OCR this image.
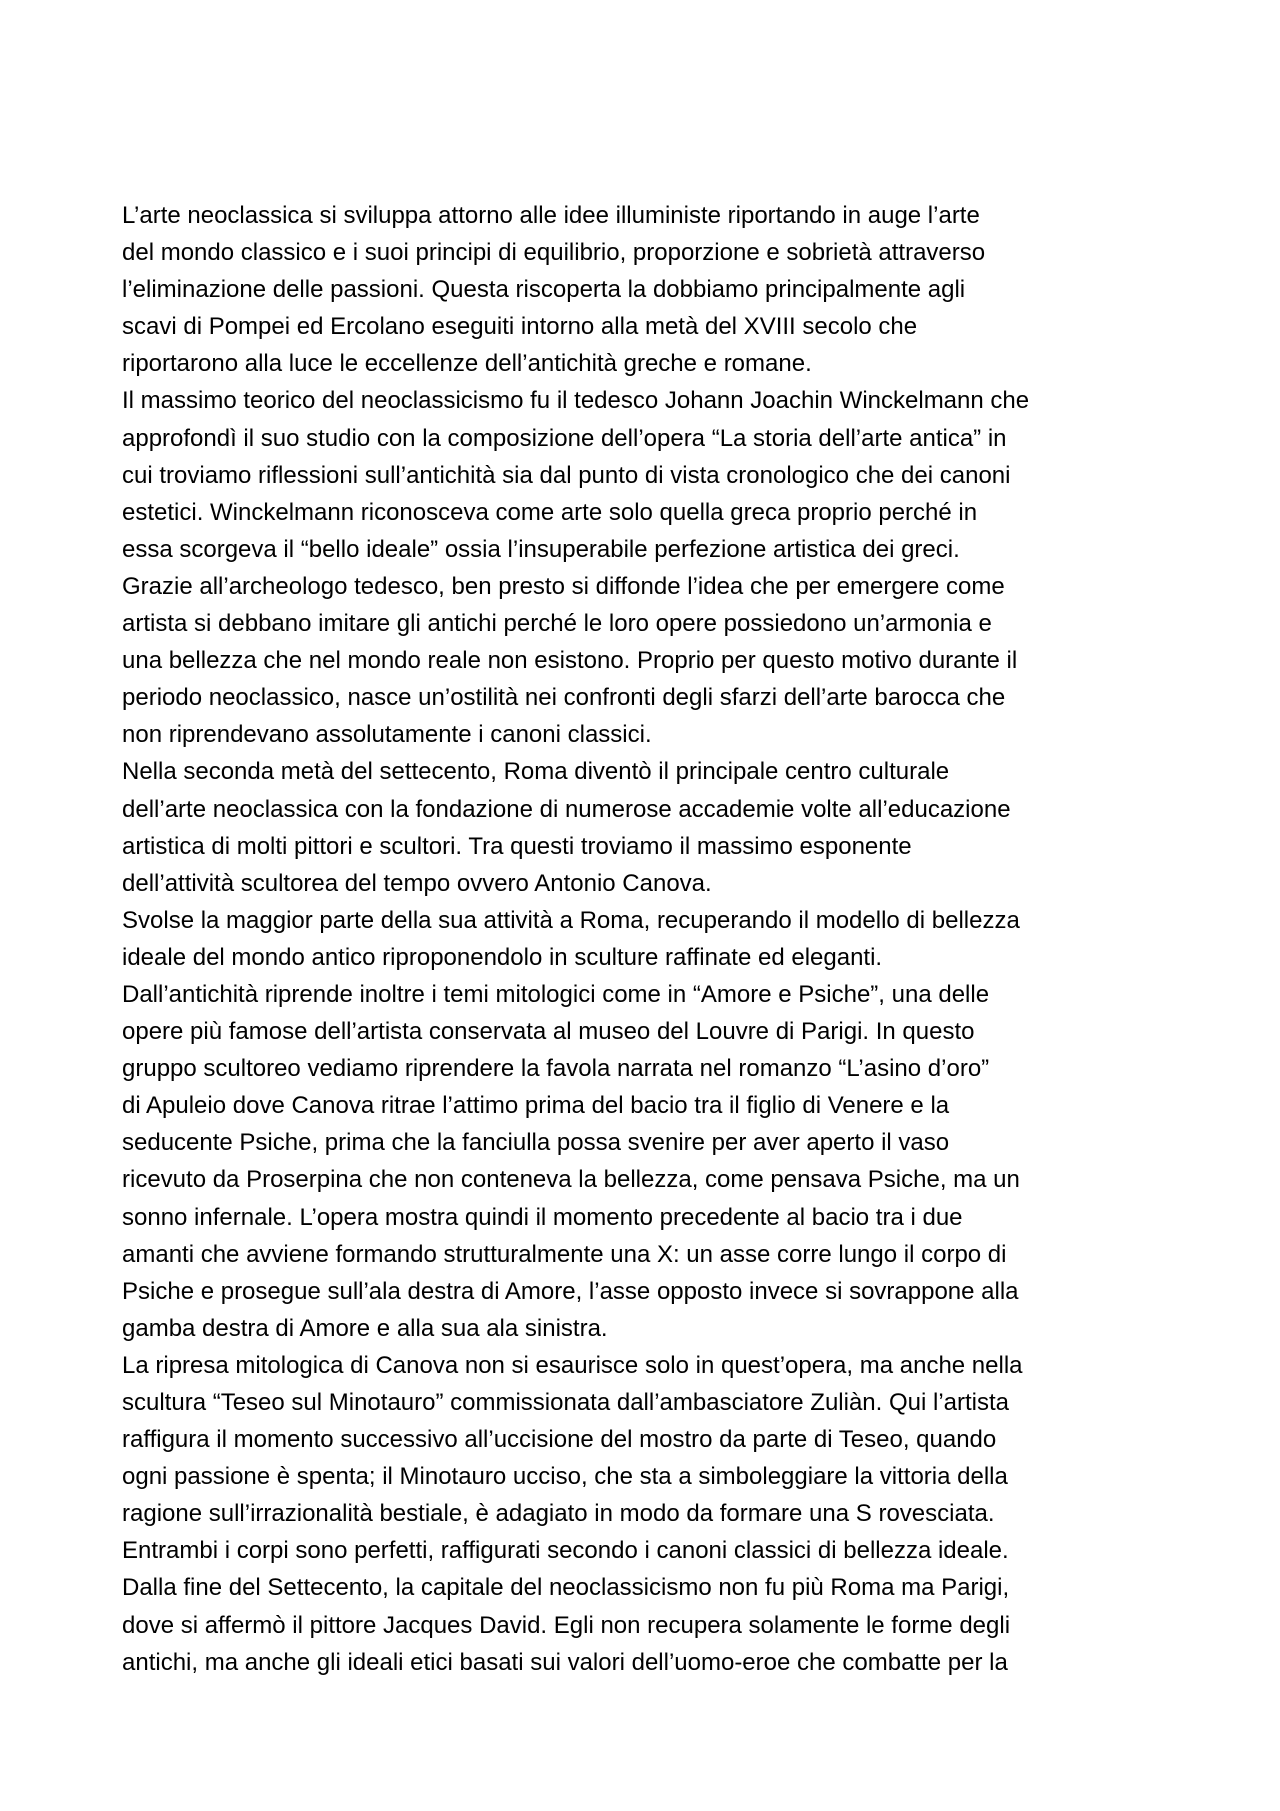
L’arte neoclassica si sviluppa attorno alle idee illuministe riportando in auge l’arte
del mondo classico e i suoi principi di equilibrio, proporzione e sobrietà attraverso
l’eliminazione delle passioni. Questa riscoperta la dobbiamo principalmente agli
scavi di Pompei ed Ercolano eseguiti intorno alla metà del XVIII secolo che
riportarono alla luce le eccellenze dell’antichità greche e romane.
Il massimo teorico del neoclassicismo fu il tedesco Johann Joachin Winckelmann che
approfondì il suo studio con la composizione dell’opera “La storia dell’arte antica” in
cui troviamo riflessioni sull’antichità sia dal punto di vista cronologico che dei canoni
estetici. Winckelmann riconosceva come arte solo quella greca proprio perché in
essa scorgeva il “bello ideale” ossia l’insuperabile perfezione artistica dei greci.
Grazie all’archeologo tedesco, ben presto si diffonde l’idea che per emergere come
artista si debbano imitare gli antichi perché le loro opere possiedono un’armonia e
una bellezza che nel mondo reale non esistono. Proprio per questo motivo durante il
periodo neoclassico, nasce un’ostilità nei confronti degli sfarzi dell’arte barocca che
non riprendevano assolutamente i canoni classici.
Nella seconda metà del settecento, Roma diventò il principale centro culturale
dell’arte neoclassica con la fondazione di numerose accademie volte all’educazione
artistica di molti pittori e scultori. Tra questi troviamo il massimo esponente
dell’attività scultorea del tempo ovvero Antonio Canova.
Svolse la maggior parte della sua attività a Roma, recuperando il modello di bellezza
ideale del mondo antico riproponendolo in sculture raffinate ed eleganti.
Dall’antichità riprende inoltre i temi mitologici come in “Amore e Psiche”, una delle
opere più famose dell’artista conservata al museo del Louvre di Parigi. In questo
gruppo scultoreo vediamo riprendere la favola narrata nel romanzo “L’asino d’oro”
di Apuleio dove Canova ritrae l’attimo prima del bacio tra il figlio di Venere e la
seducente Psiche, prima che la fanciulla possa svenire per aver aperto il vaso
ricevuto da Proserpina che non conteneva la bellezza, come pensava Psiche, ma un
sonno infernale. L’opera mostra quindi il momento precedente al bacio tra i due
amanti che avviene formando strutturalmente una X: un asse corre lungo il corpo di
Psiche e prosegue sull’ala destra di Amore, l’asse opposto invece si sovrappone alla
gamba destra di Amore e alla sua ala sinistra.
La ripresa mitologica di Canova non si esaurisce solo in quest’opera, ma anche nella
scultura “Teseo sul Minotauro” commissionata dall’ambasciatore Zuliàn. Qui l’artista
raffigura il momento successivo all’uccisione del mostro da parte di Teseo, quando
ogni passione è spenta; il Minotauro ucciso, che sta a simboleggiare la vittoria della
ragione sull’irrazionalità bestiale, è adagiato in modo da formare una S rovesciata.
Entrambi i corpi sono perfetti, raffigurati secondo i canoni classici di bellezza ideale.
Dalla fine del Settecento, la capitale del neoclassicismo non fu più Roma ma Parigi,
dove si affermò il pittore Jacques David. Egli non recupera solamente le forme degli
antichi, ma anche gli ideali etici basati sui valori dell’uomo-eroe che combatte per la
